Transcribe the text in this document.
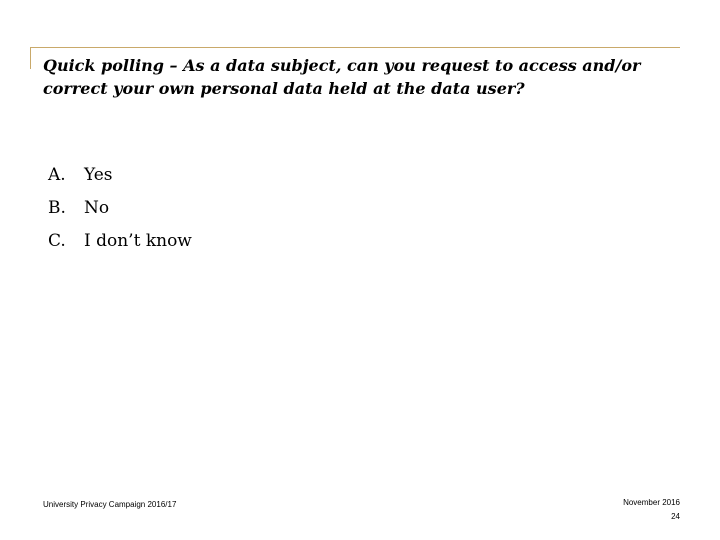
Quick polling – As a data subject, can you request to access and/or correct your own personal data held at the data user?
A.	Yes
B.	No
C.	I don’t know
University Privacy Campaign 2016/17	November 2016
24
